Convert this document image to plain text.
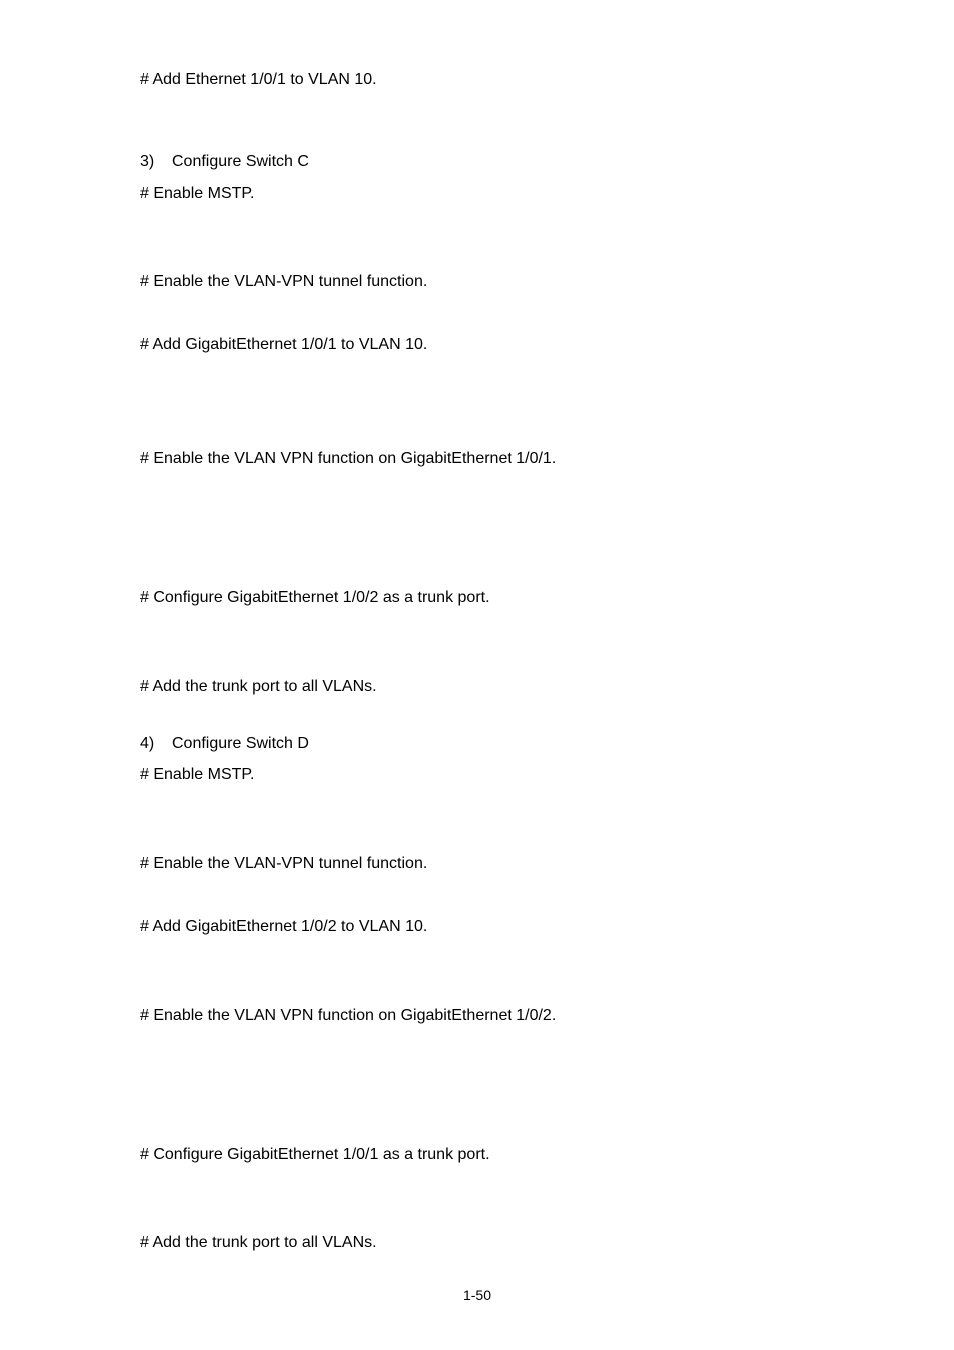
# Add Ethernet 1/0/1 to VLAN 10.
3) Configure Switch C
# Enable MSTP.
# Enable the VLAN-VPN tunnel function.
# Add GigabitEthernet 1/0/1 to VLAN 10.
# Enable the VLAN VPN function on GigabitEthernet 1/0/1.
# Configure GigabitEthernet 1/0/2 as a trunk port.
# Add the trunk port to all VLANs.
4) Configure Switch D
# Enable MSTP.
# Enable the VLAN-VPN tunnel function.
# Add GigabitEthernet 1/0/2 to VLAN 10.
# Enable the VLAN VPN function on GigabitEthernet 1/0/2.
# Configure GigabitEthernet 1/0/1 as a trunk port.
# Add the trunk port to all VLANs.
1-50
